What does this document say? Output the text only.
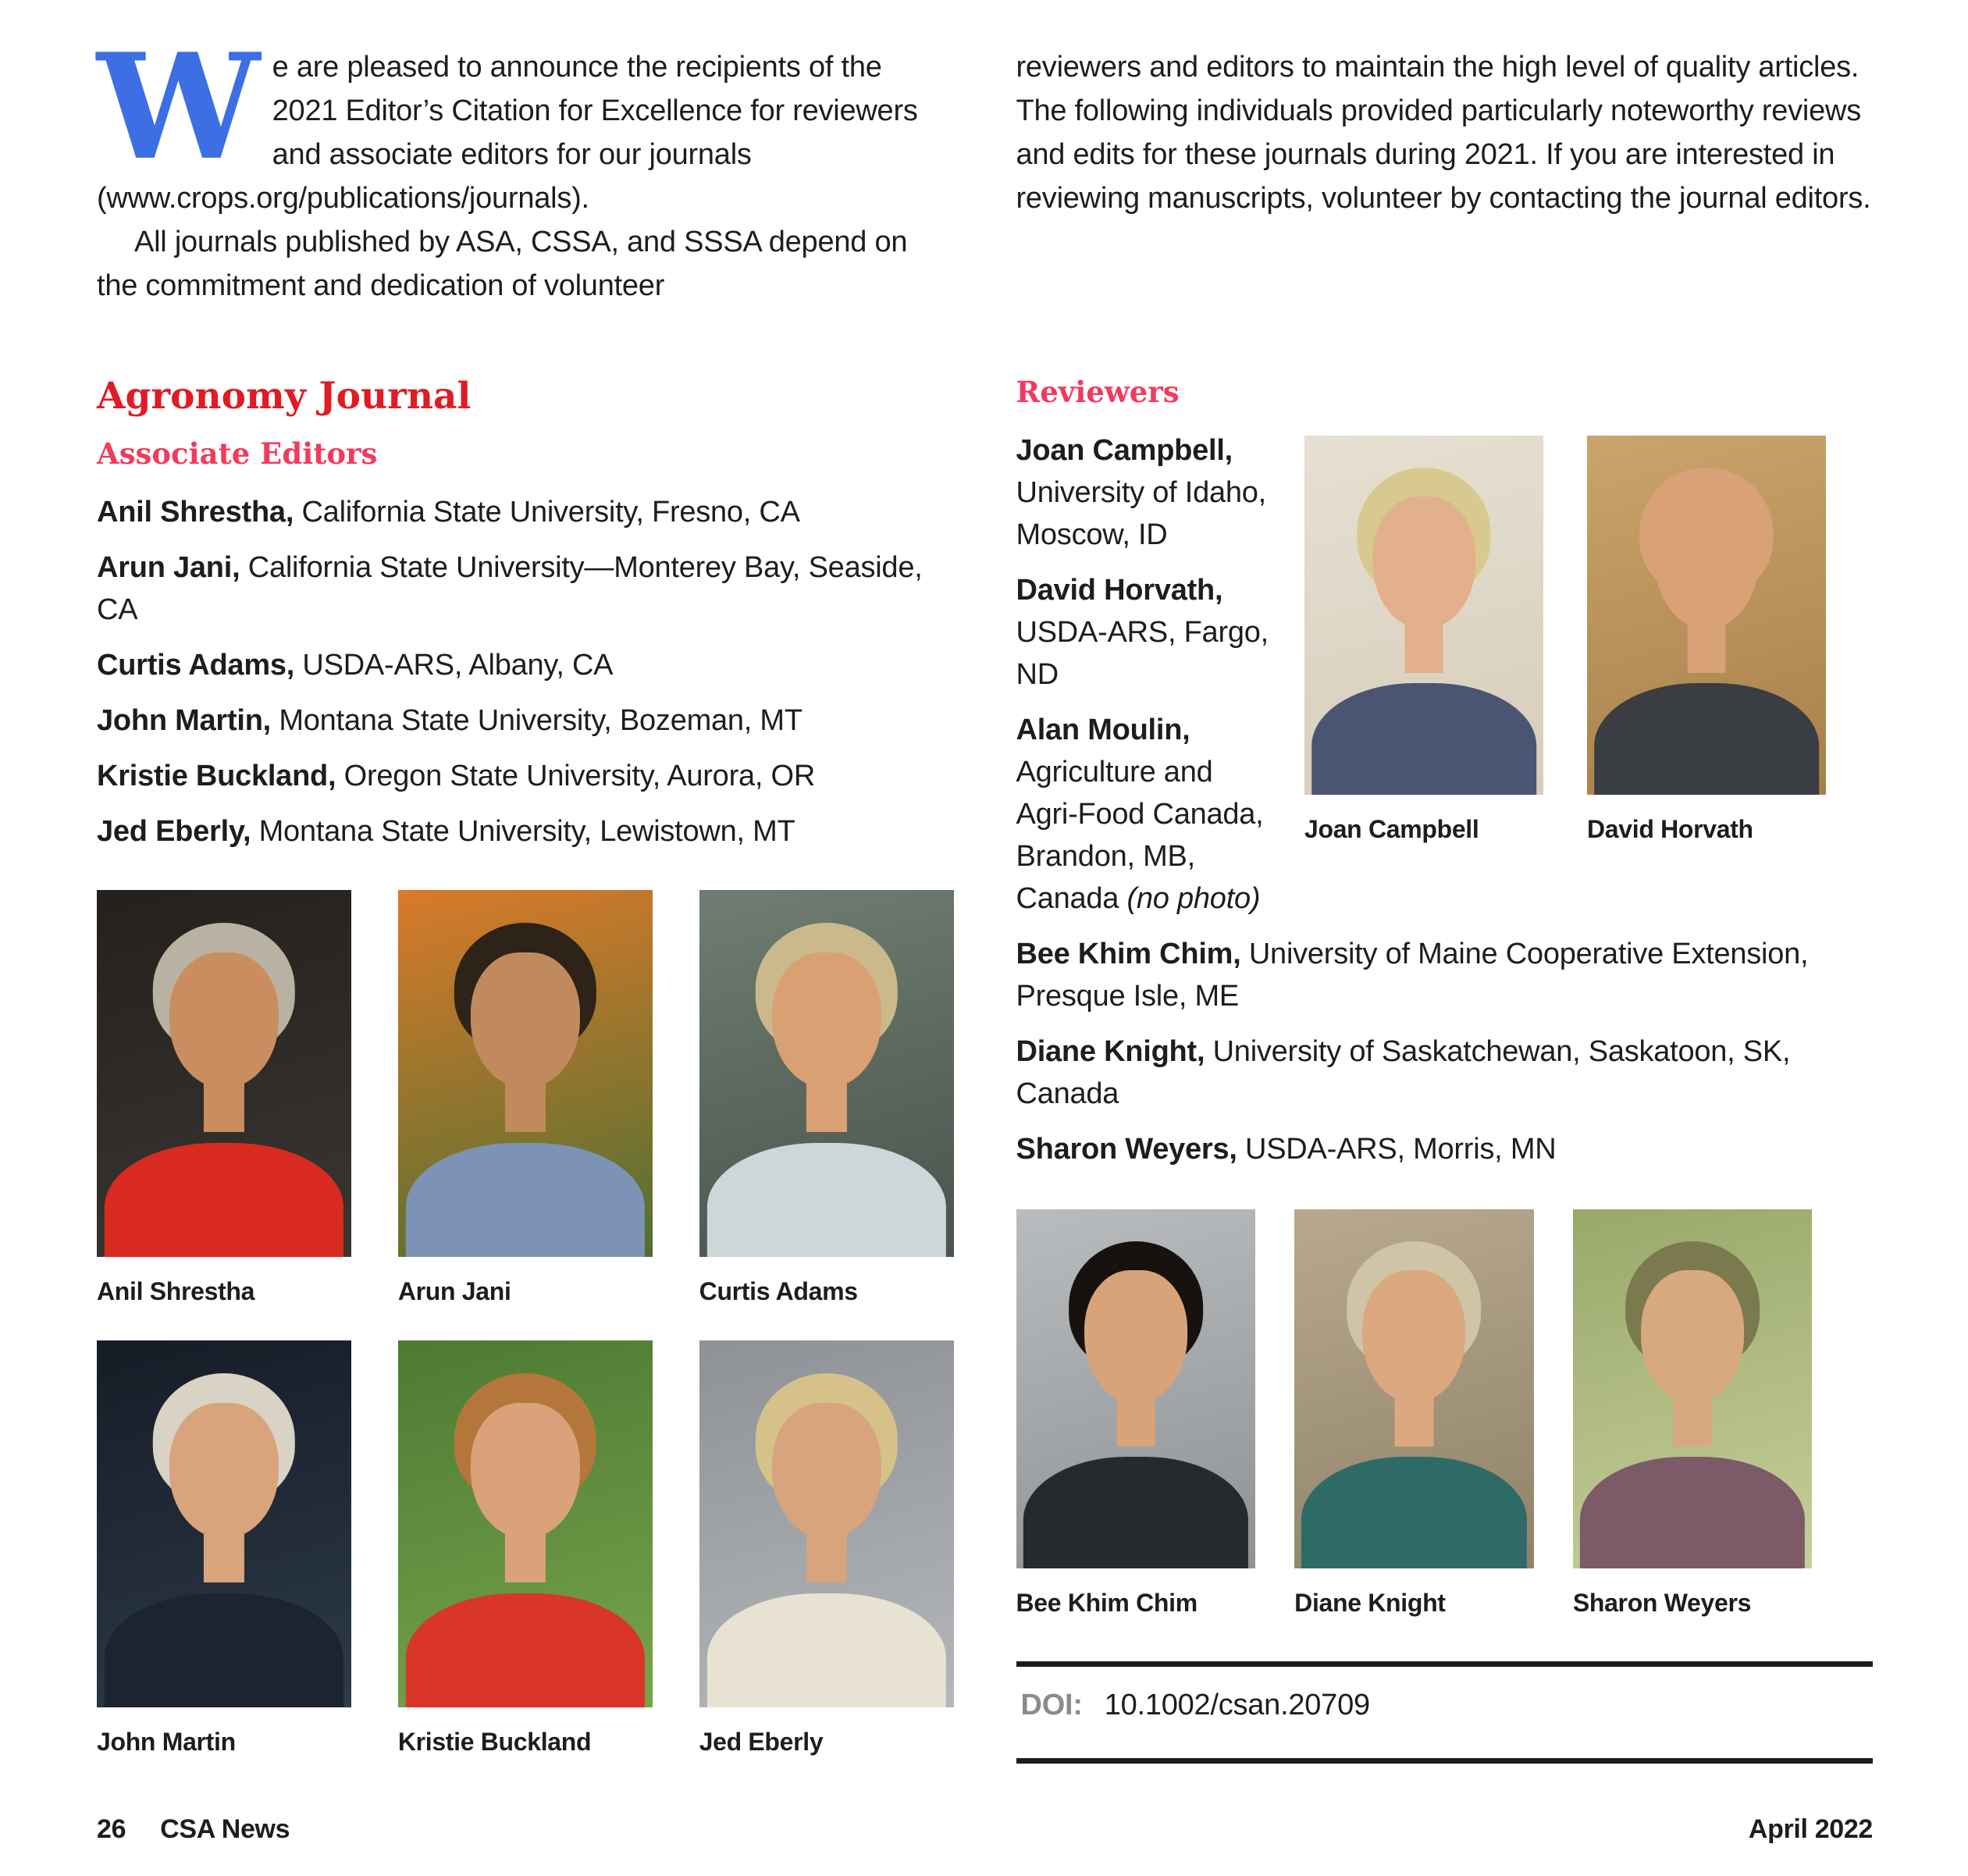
We are pleased to announce the recipients of the 2021 Editor’s Citation for Excellence for reviewers and associate editors for our journals (www.crops.org/publications/journals).

All journals published by ASA, CSSA, and SSSA depend on the commitment and dedication of volunteer

reviewers and editors to maintain the high level of quality articles. The following individuals provided particularly noteworthy reviews and edits for these journals during 2021. If you are interested in reviewing manuscripts, volunteer by contacting the journal editors.

Agronomy Journal
Associate Editors

Anil Shrestha, California State University, Fresno, CA

Arun Jani, California State University—Monterey Bay, Seaside, CA

Curtis Adams, USDA-ARS, Albany, CA

John Martin, Montana State University, Bozeman, MT

Kristie Buckland, Oregon State University, Aurora, OR

Jed Eberly, Montana State University, Lewistown, MT

Anil Shrestha	Arun Jani	Curtis Adams
John Martin	Kristie Buckland	Jed Eberly
Reviewers
Joan Campbell	David Horvath

Joan Campbell, University of Idaho, Moscow, ID

David Horvath, USDA-ARS, Fargo, ND

Alan Moulin, Agriculture and Agri-Food Canada, Brandon, MB, Canada (no photo)

Bee Khim Chim, University of Maine Cooperative Extension, Presque Isle, ME

Diane Knight, University of Saskatchewan, Saskatoon, SK, Canada

Sharon Weyers, USDA-ARS, Morris, MN

Bee Khim Chim	Diane Knight	Sharon Weyers
DOI: 10.1002/csan.20709
26 CSA News	April 2022
